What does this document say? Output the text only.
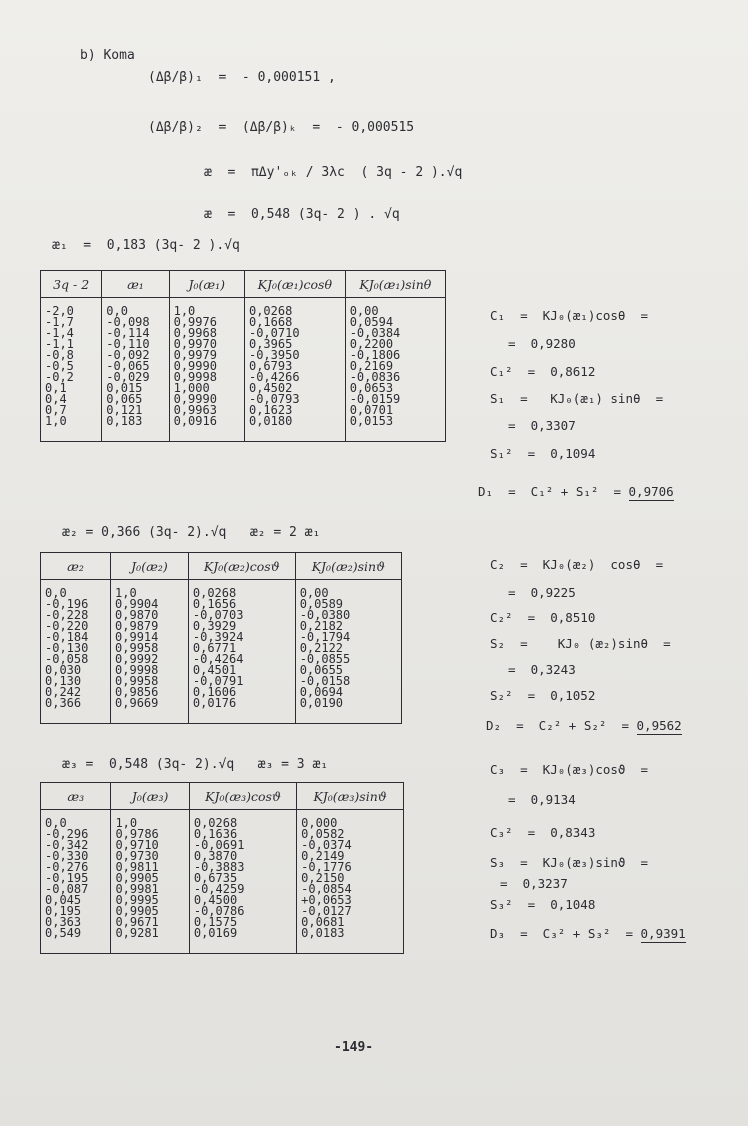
b) Koma
(Δβ/β)₁  =  - 0,000151 ,
(Δβ/β)₂  =  (Δβ/β)ₖ  =  - 0,000515
æ  =  πΔy'ₒₖ / 3λc  ( 3q - 2 ).√q
æ  =  0,548 (3q- 2 ) . √q
æ₁  =  0,183 (3q- 2 ).√q
3q - 2	æ₁	J₀(æ₁)	KJ₀(æ₁)cosθ	KJ₀(æ₁)sinθ
-2,0	0,0	1,0	0,0268	0,00
-1,7	-0,098	0,9976	0,1668	0,0594
-1,4	-0,114	0,9968	-0,0710	-0,0384
-1,1	-0,110	0,9970	0,3965	0,2200
-0,8	-0,092	0,9979	-0,3950	-0,1806
-0,5	-0,065	0,9990	0,6793	0,2169
-0,2	-0,029	0,9998	-0,4266	-0,0836
0,1	0,015	1,000	0,4502	0,0653
0,4	0,065	0,9990	-0,0793	-0,0159
0,7	0,121	0,9963	0,1623	0,0701
1,0	0,183	0,0916	0,0180	0,0153
C₁  =  KJ₀(æ₁)cosθ  =
=  0,9280
C₁²  =  0,8612
S₁  =   KJ₀(æ₁) sinθ  =
=  0,3307
S₁²  =  0,1094
D₁  =  C₁² + S₁²  = 0,9706
æ₂ = 0,366 (3q- 2).√q   æ₂ = 2 æ₁
æ₂	J₀(æ₂)	KJ₀(æ₂)cosϑ	KJ₀(æ₂)sinϑ
0,0	1,0	0,0268	0,00
-0,196	0,9904	0,1656	0,0589
-0,228	0,9870	-0,0703	-0,0380
-0,220	0,9879	0,3929	0,2182
-0,184	0,9914	-0,3924	-0,1794
-0,130	0,9958	0,6771	0,2122
-0,058	0,9992	-0,4264	-0,0855
0,030	0,9998	0,4501	0,0655
0,130	0,9958	-0,0791	-0,0158
0,242	0,9856	0,1606	0,0694
0,366	0,9669	0,0176	0,0190
C₂  =  KJ₀(æ₂)  cosθ  =
=  0,9225
C₂²  =  0,8510
S₂  =    KJ₀ (æ₂)sinθ  =
=  0,3243
S₂²  =  0,1052
D₂  =  C₂² + S₂²  = 0,9562
æ₃ =  0,548 (3q- 2).√q   æ₃ = 3 æ₁
æ₃	J₀(æ₃)	KJ₀(æ₃)cosϑ	KJ₀(æ₃)sinϑ
0,0	1,0	0,0268	0,000
-0,296	0,9786	0,1636	0,0582
-0,342	0,9710	-0,0691	-0,0374
-0,330	0,9730	0,3870	0,2149
-0,276	0,9811	-0,3883	-0,1776
-0,195	0,9905	0,6735	0,2150
-0,087	0,9981	-0,4259	-0,0854
0,045	0,9995	0,4500	+0,0653
0,195	0,9905	-0,0786	-0,0127
0,363	0,9671	0,1575	0,0681
0,549	0,9281	0,0169	0,0183
C₃  =  KJ₀(æ₃)cosϑ  =
=  0,9134
C₃²  =  0,8343
S₃  =  KJ₀(æ₃)sinϑ  =
=  0,3237
S₃²  =  0,1048
D₃  =  C₃² + S₃²  = 0,9391
-149-
